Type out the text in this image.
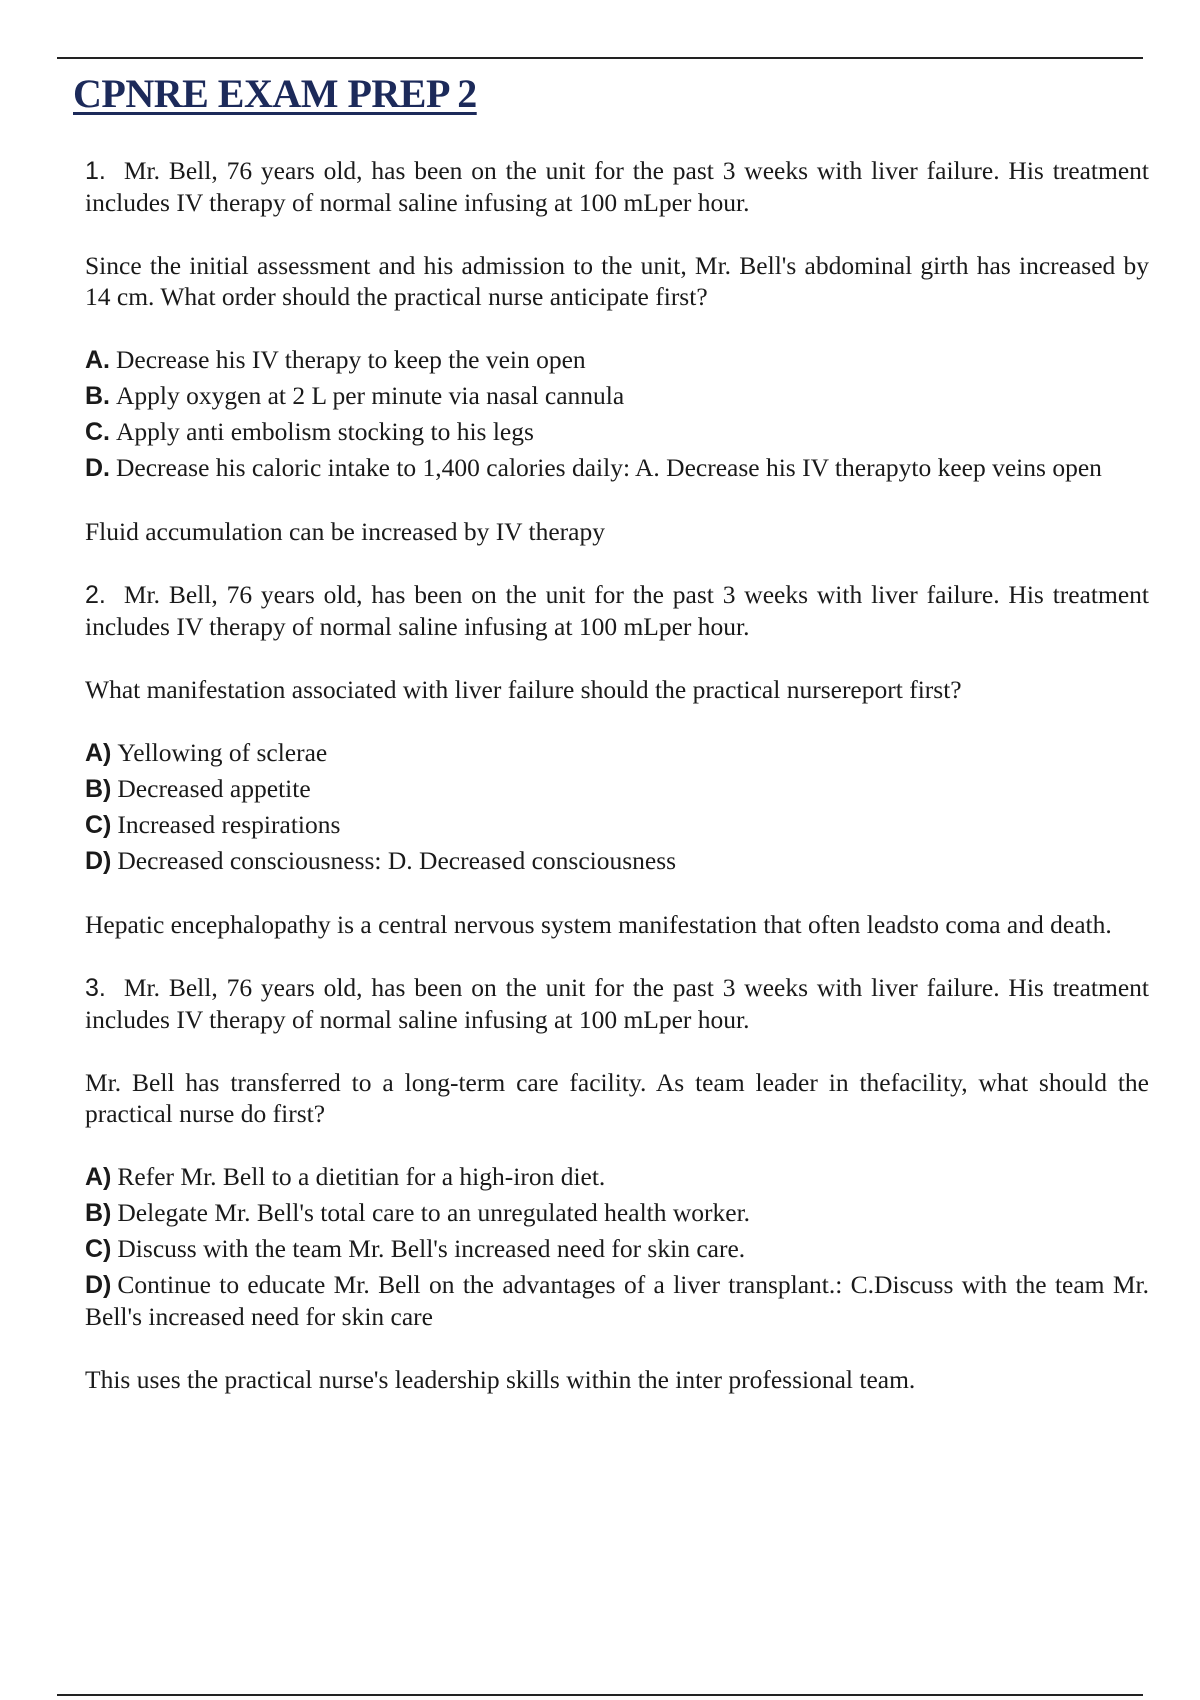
CPNRE EXAM PREP 2

1. Mr. Bell, 76 years old, has been on the unit for the past 3 weeks with liver failure. His treatment includes IV therapy of normal saline infusing at 100 mLper hour.

Since the initial assessment and his admission to the unit, Mr. Bell's abdominal girth has increased by 14 cm. What order should the practical nurse anticipate first?

A. Decrease his IV therapy to keep the vein open

B. Apply oxygen at 2 L per minute via nasal cannula

C. Apply anti embolism stocking to his legs

D. Decrease his caloric intake to 1,400 calories daily: A. Decrease his IV therapyto keep veins open

Fluid accumulation can be increased by IV therapy

2. Mr. Bell, 76 years old, has been on the unit for the past 3 weeks with liver failure. His treatment includes IV therapy of normal saline infusing at 100 mLper hour.

What manifestation associated with liver failure should the practical nursereport first?

A) Yellowing of sclerae

B) Decreased appetite

C) Increased respirations

D) Decreased consciousness: D. Decreased consciousness

Hepatic encephalopathy is a central nervous system manifestation that often leadsto coma and death.

3. Mr. Bell, 76 years old, has been on the unit for the past 3 weeks with liver failure. His treatment includes IV therapy of normal saline infusing at 100 mLper hour.

Mr. Bell has transferred to a long-term care facility. As team leader in thefacility, what should the practical nurse do first?

A) Refer Mr. Bell to a dietitian for a high-iron diet.

B) Delegate Mr. Bell's total care to an unregulated health worker.

C) Discuss with the team Mr. Bell's increased need for skin care.

D) Continue to educate Mr. Bell on the advantages of a liver transplant.: C.Discuss with the team Mr. Bell's increased need for skin care

This uses the practical nurse's leadership skills within the inter professional team.
